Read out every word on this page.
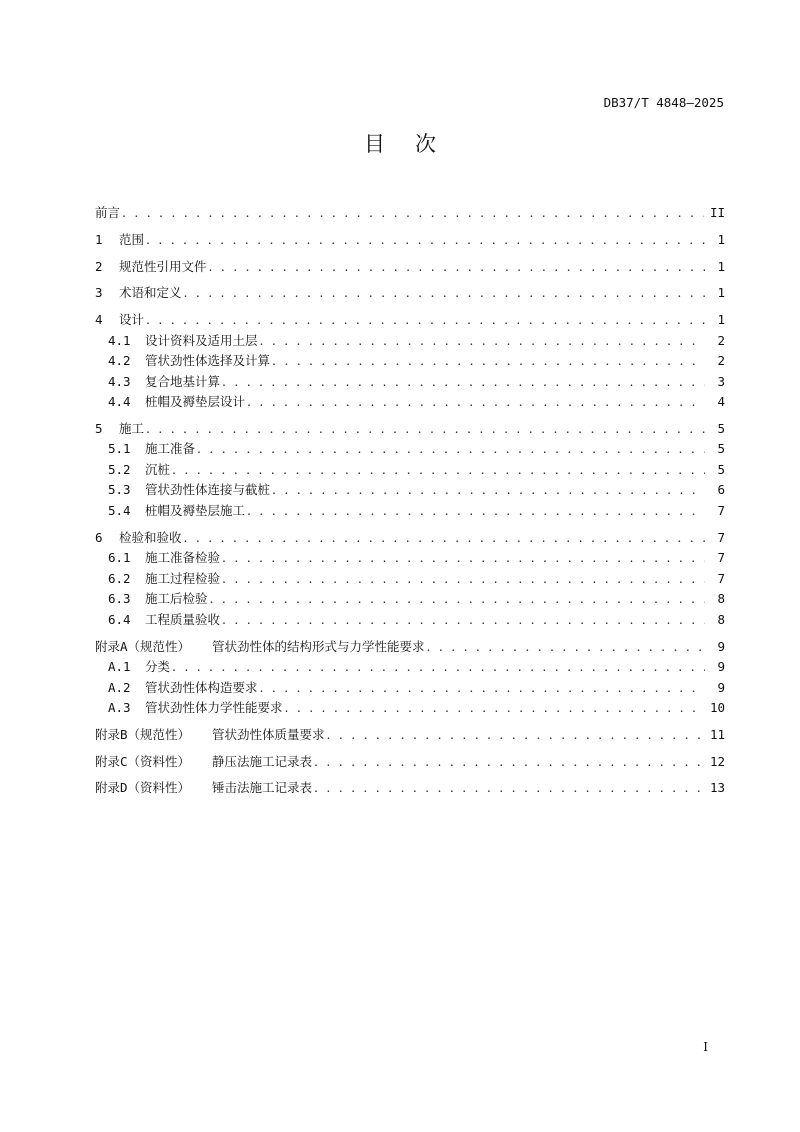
DB37/T 4848—2025
目次
前言 . . .	II
1	范围 . . .	1
2	规范性引用文件 . . .	1
3	术语和定义 . . .	1
4	设计 . . .	1
4.1	设计资料及适用土层 . . .	2
4.2	管状劲性体选择及计算 . . .	2
4.3	复合地基计算 . . .	3
4.4	桩帽及褥垫层设计 . . .	4
5	施工 . . .	5
5.1	施工准备 . . .	5
5.2	沉桩 . . .	5
5.3	管状劲性体连接与截桩 . . .	6
5.4	桩帽及褥垫层施工 . . .	7
6	检验和验收 . . .	7
6.1	施工准备检验 . . .	7
6.2	施工过程检验 . . .	7
6.3	施工后检验 . . .	8
6.4	工程质量验收 . . .	8
附录A（规范性）	管状劲性体的结构形式与力学性能要求 . . .	9
A.1	分类 . . .	9
A.2	管状劲性体构造要求 . . .	9
A.3	管状劲性体力学性能要求 . . .	10
附录B（规范性）	管状劲性体质量要求 . . .	11
附录C（资料性）	静压法施工记录表 . . .	12
附录D（资料性）	锤击法施工记录表 . . .	13
I
